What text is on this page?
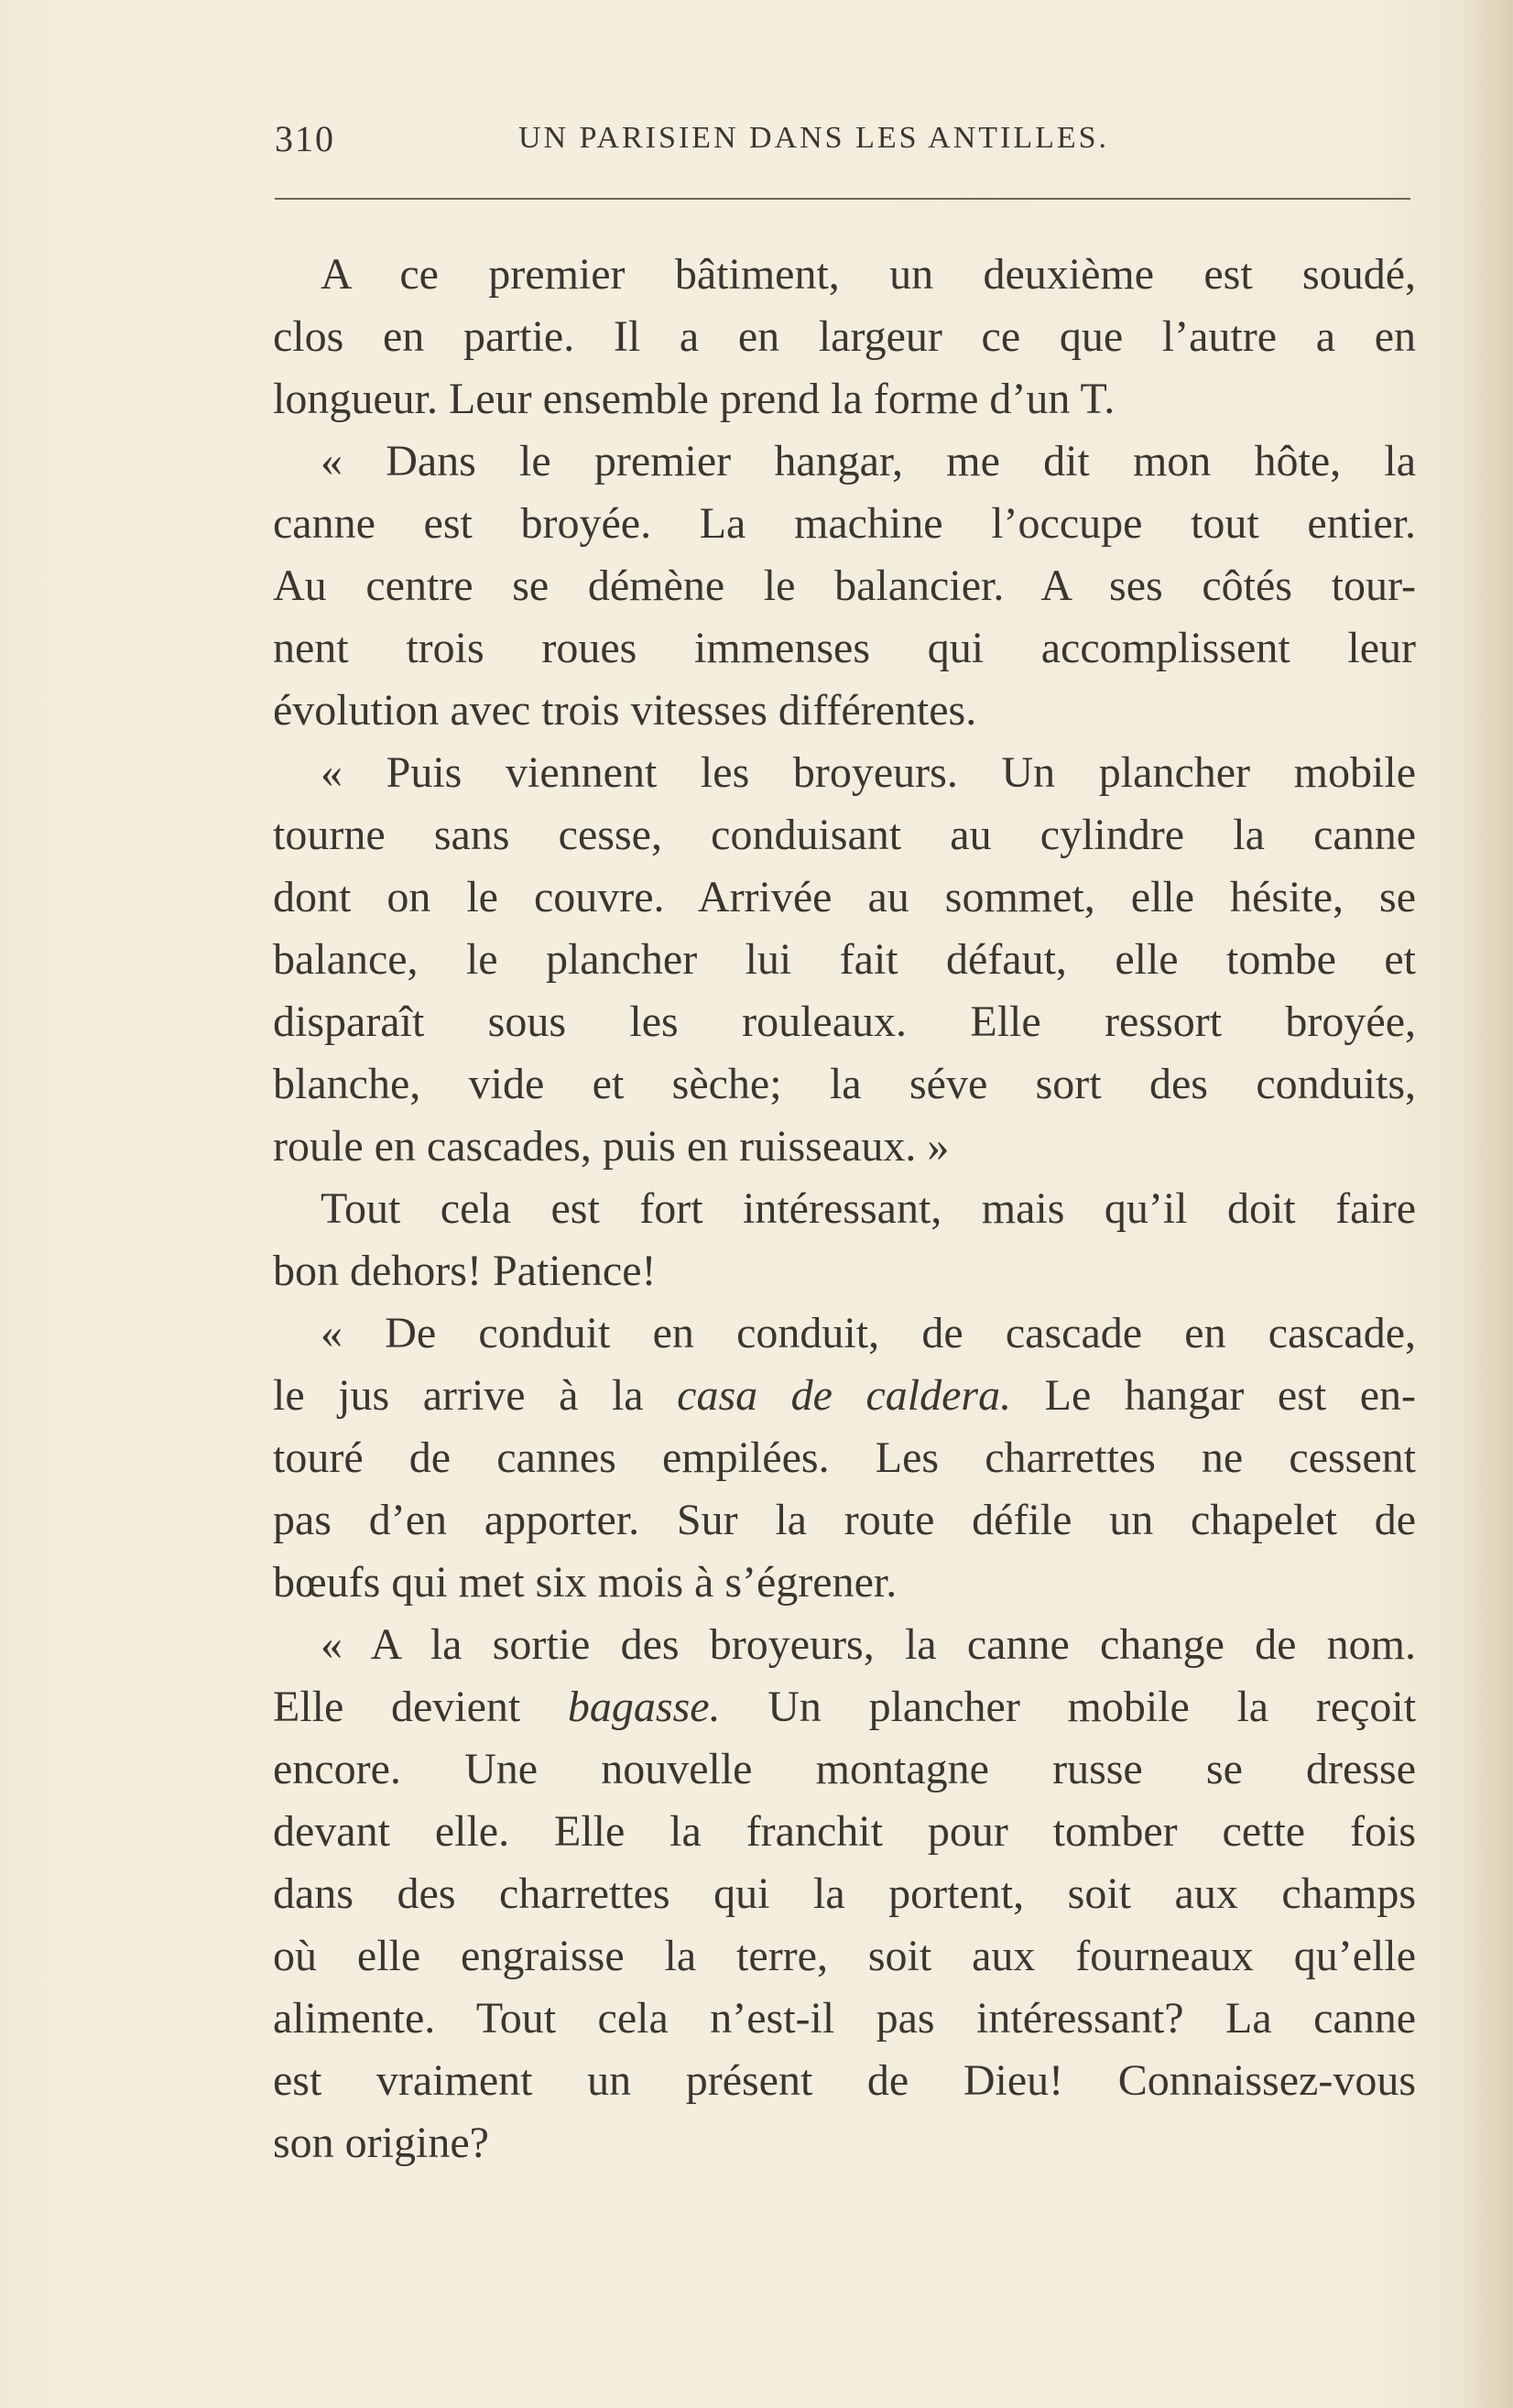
310	UN PARISIEN DANS LES ANTILLES.
A ce premier bâtiment, un deuxième est soudé,
clos en partie. Il a en largeur ce que l’autre a en
longueur. Leur ensemble prend la forme d’un T.
« Dans le premier hangar, me dit mon hôte, la
canne est broyée. La machine l’occupe tout entier.
Au centre se démène le balancier. A ses côtés tour-
nent trois roues immenses qui accomplissent leur
évolution avec trois vitesses différentes.
« Puis viennent les broyeurs. Un plancher mobile
tourne sans cesse, conduisant au cylindre la canne
dont on le couvre. Arrivée au sommet, elle hésite, se
balance, le plancher lui fait défaut, elle tombe et
disparaît sous les rouleaux. Elle ressort broyée,
blanche, vide et sèche; la séve sort des conduits,
roule en cascades, puis en ruisseaux. »
Tout cela est fort intéressant, mais qu’il doit faire
bon dehors! Patience!
« De conduit en conduit, de cascade en cascade,
le jus arrive à la casa de caldera. Le hangar est en-
touré de cannes empilées. Les charrettes ne cessent
pas d’en apporter. Sur la route défile un chapelet de
bœufs qui met six mois à s’égrener.
« A la sortie des broyeurs, la canne change de nom.
Elle devient bagasse. Un plancher mobile la reçoit
encore. Une nouvelle montagne russe se dresse
devant elle. Elle la franchit pour tomber cette fois
dans des charrettes qui la portent, soit aux champs
où elle engraisse la terre, soit aux fourneaux qu’elle
alimente. Tout cela n’est-il pas intéressant? La canne
est vraiment un présent de Dieu! Connaissez-vous
son origine?
